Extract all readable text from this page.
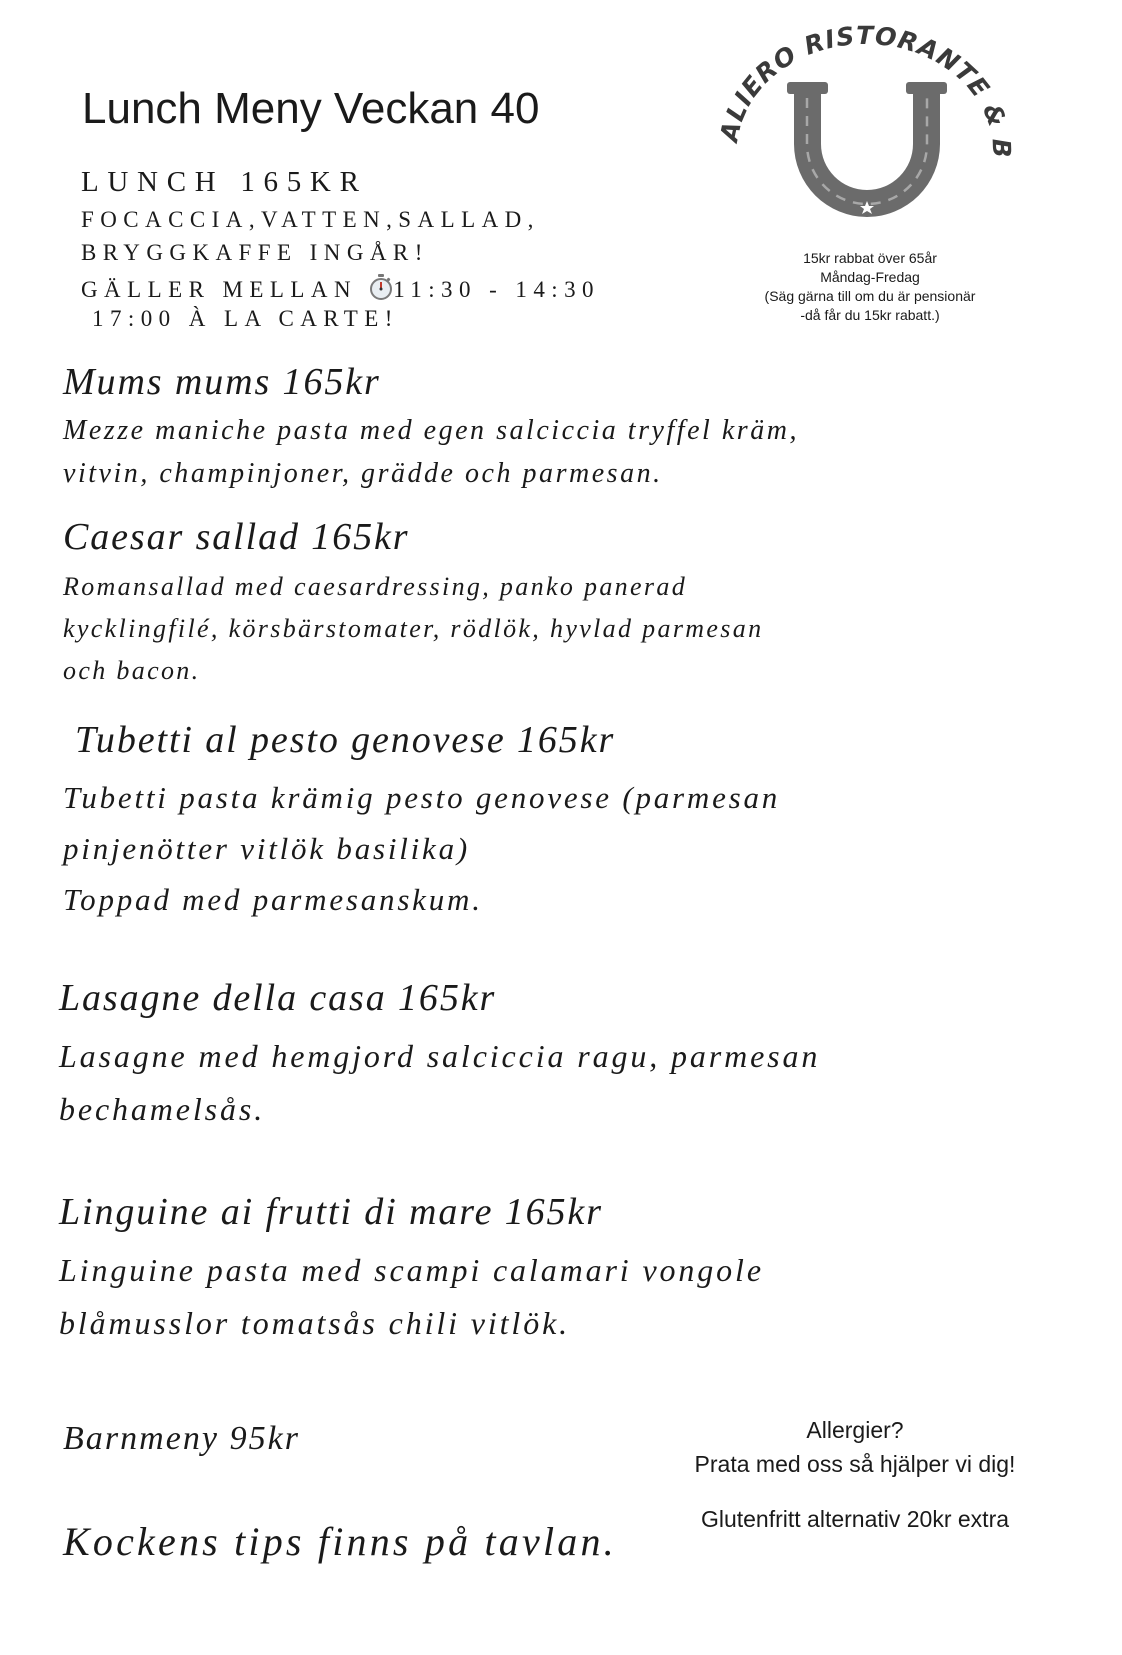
Lunch Meny Veckan 40
LUNCH 165KR
FOCACCIA,VATTEN,SALLAD,
BRYGGKAFFE INGÅR!
GÄLLER MELLAN 11:30 - 14:30
17:00 À LA CARTE!
ALIERO RISTORANTE & B
15kr rabbat över 65år
Måndag-Fredag
(Säg gärna till om du är pensionär
-då får du 15kr rabatt.)
Mums mums 165kr
Mezze maniche pasta med egen salciccia tryffel kräm,
vitvin, champinjoner, grädde och parmesan.
Caesar sallad 165kr
Romansallad med caesardressing, panko panerad
kycklingfilé, körsbärstomater, rödlök, hyvlad parmesan
och bacon.
Tubetti al pesto genovese 165kr
Tubetti pasta krämig pesto genovese (parmesan
pinjenötter vitlök basilika)
Toppad med parmesanskum.
Lasagne della casa 165kr
Lasagne med hemgjord salciccia ragu, parmesan
bechamelsås.
Linguine ai frutti di mare 165kr
Linguine pasta med scampi calamari vongole
blåmusslor tomatsås chili vitlök.
Barnmeny 95kr
Kockens tips finns på tavlan.
Allergier?
Prata med oss så hjälper vi dig!
Glutenfritt alternativ 20kr extra
